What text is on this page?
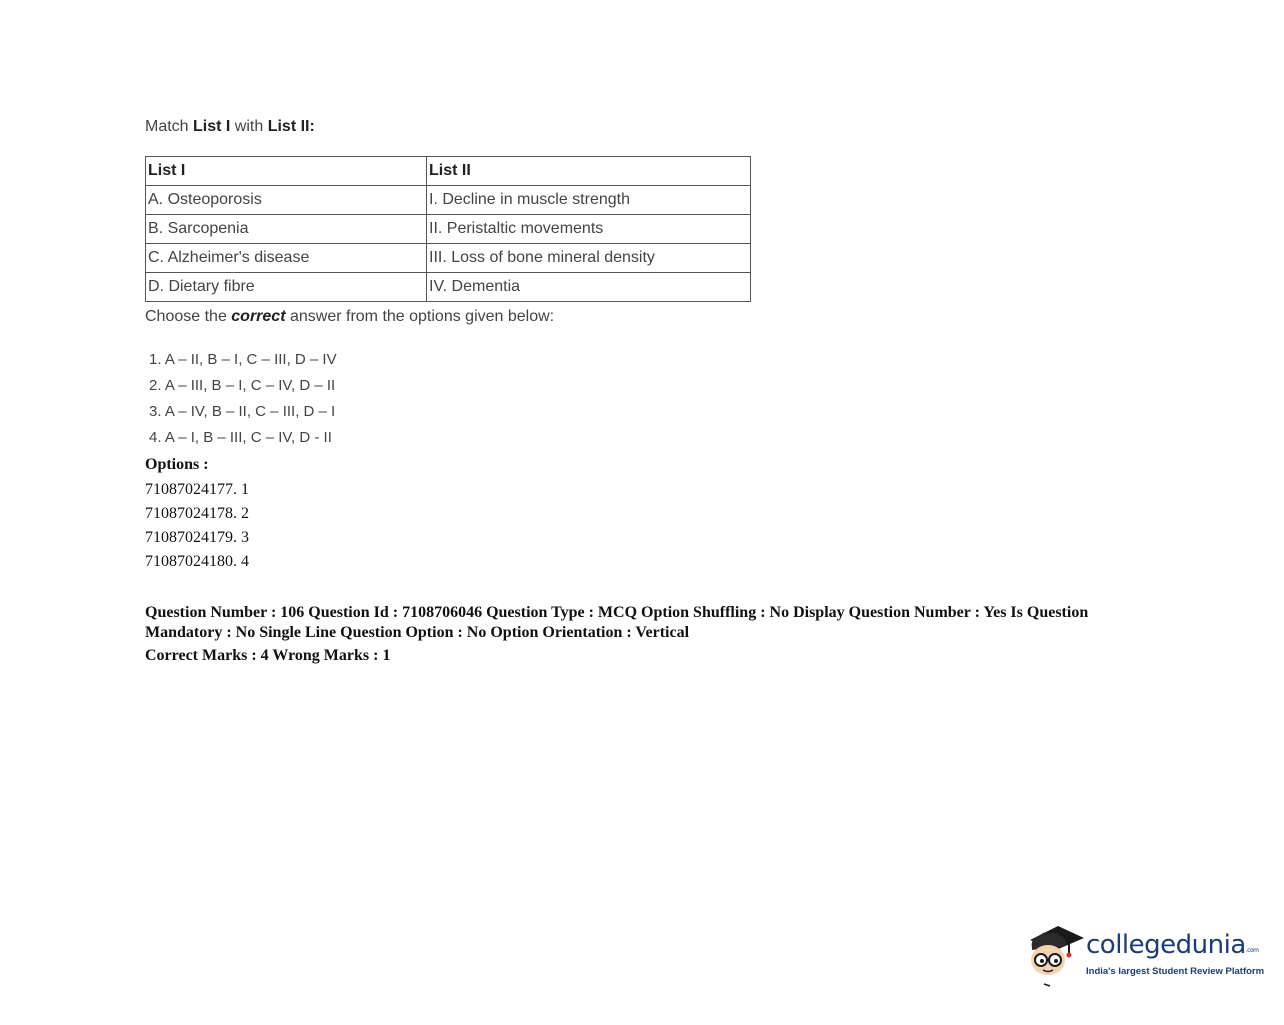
Match List I with List II:

List I	List II
A. Osteoporosis	I. Decline in muscle strength
B. Sarcopenia	II. Peristaltic movements
C. Alzheimer's disease	III. Loss of bone mineral density
D. Dietary fibre	IV. Dementia

Choose the correct answer from the options given below:

1. A – II, B – I, C – III, D – IV
2. A – III, B – I, C – IV, D – II
3. A – IV, B – II, C – III, D – I
4. A – I, B – III, C – IV, D - II
Options :
71087024177. 1
71087024178. 2
71087024179. 3
71087024180. 4
Question Number : 106 Question Id : 7108706046 Question Type : MCQ Option Shuffling : No Display Question Number : Yes Is Question Mandatory : No Single Line Question Option : No Option Orientation : Vertical
Correct Marks : 4 Wrong Marks : 1
collegedunia$^{.com}$
India's largest Student Review Platform
